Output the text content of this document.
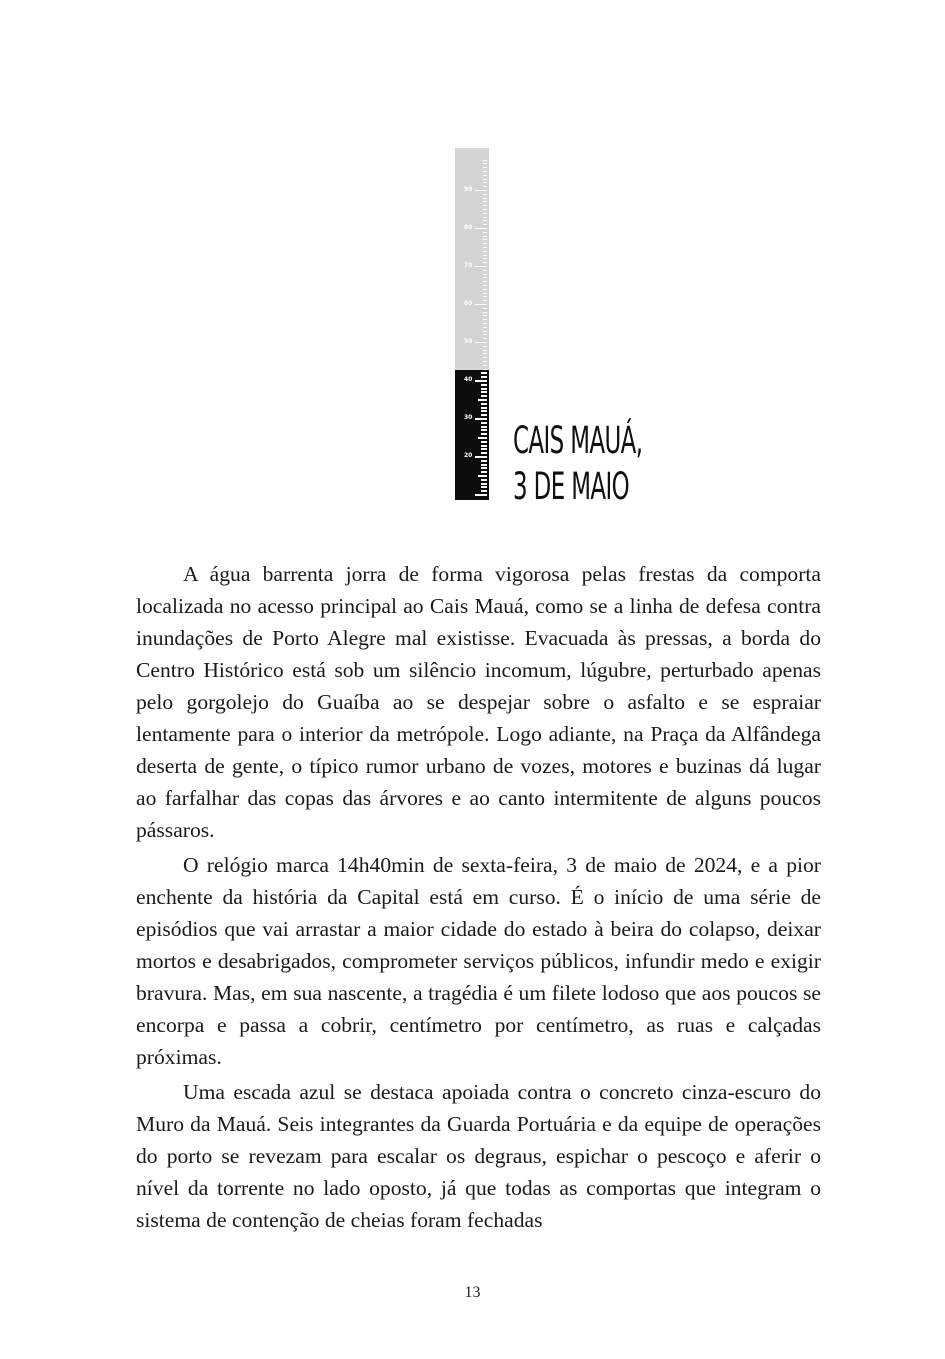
90
80
70
60
50
40
30
20 CAIS MAUÁ,
3 DE MAIO

A água barrenta jorra de forma vigorosa pelas frestas da comporta localizada no acesso principal ao Cais Mauá, como se a linha de defesa contra inundações de Porto Alegre mal existisse. Evacuada às pressas, a borda do Centro Histórico está sob um silêncio incomum, lúgubre, perturbado apenas pelo gorgolejo do Guaíba ao se despejar sobre o asfalto e se espraiar lentamente para o interior da metrópole. Logo adiante, na Praça da Alfândega deserta de gente, o típico rumor urbano de vozes, motores e buzinas dá lugar ao farfalhar das copas das árvores e ao canto intermitente de alguns poucos pássaros.

O relógio marca 14h40min de sexta-feira, 3 de maio de 2024, e a pior enchente da história da Capital está em curso. É o início de uma série de episódios que vai arrastar a maior cidade do estado à beira do colapso, deixar mortos e desabrigados, comprometer serviços públicos, infundir medo e exigir bravura. Mas, em sua nascente, a tragédia é um filete lodoso que aos poucos se encorpa e passa a cobrir, centímetro por centímetro, as ruas e calçadas próximas.

Uma escada azul se destaca apoiada contra o concreto cinza-escuro do Muro da Mauá. Seis integrantes da Guarda Portuária e da equipe de operações do porto se revezam para escalar os degraus, espichar o pescoço e aferir o nível da torrente no lado oposto, já que todas as comportas que integram o sistema de contenção de cheias foram fechadas

13
